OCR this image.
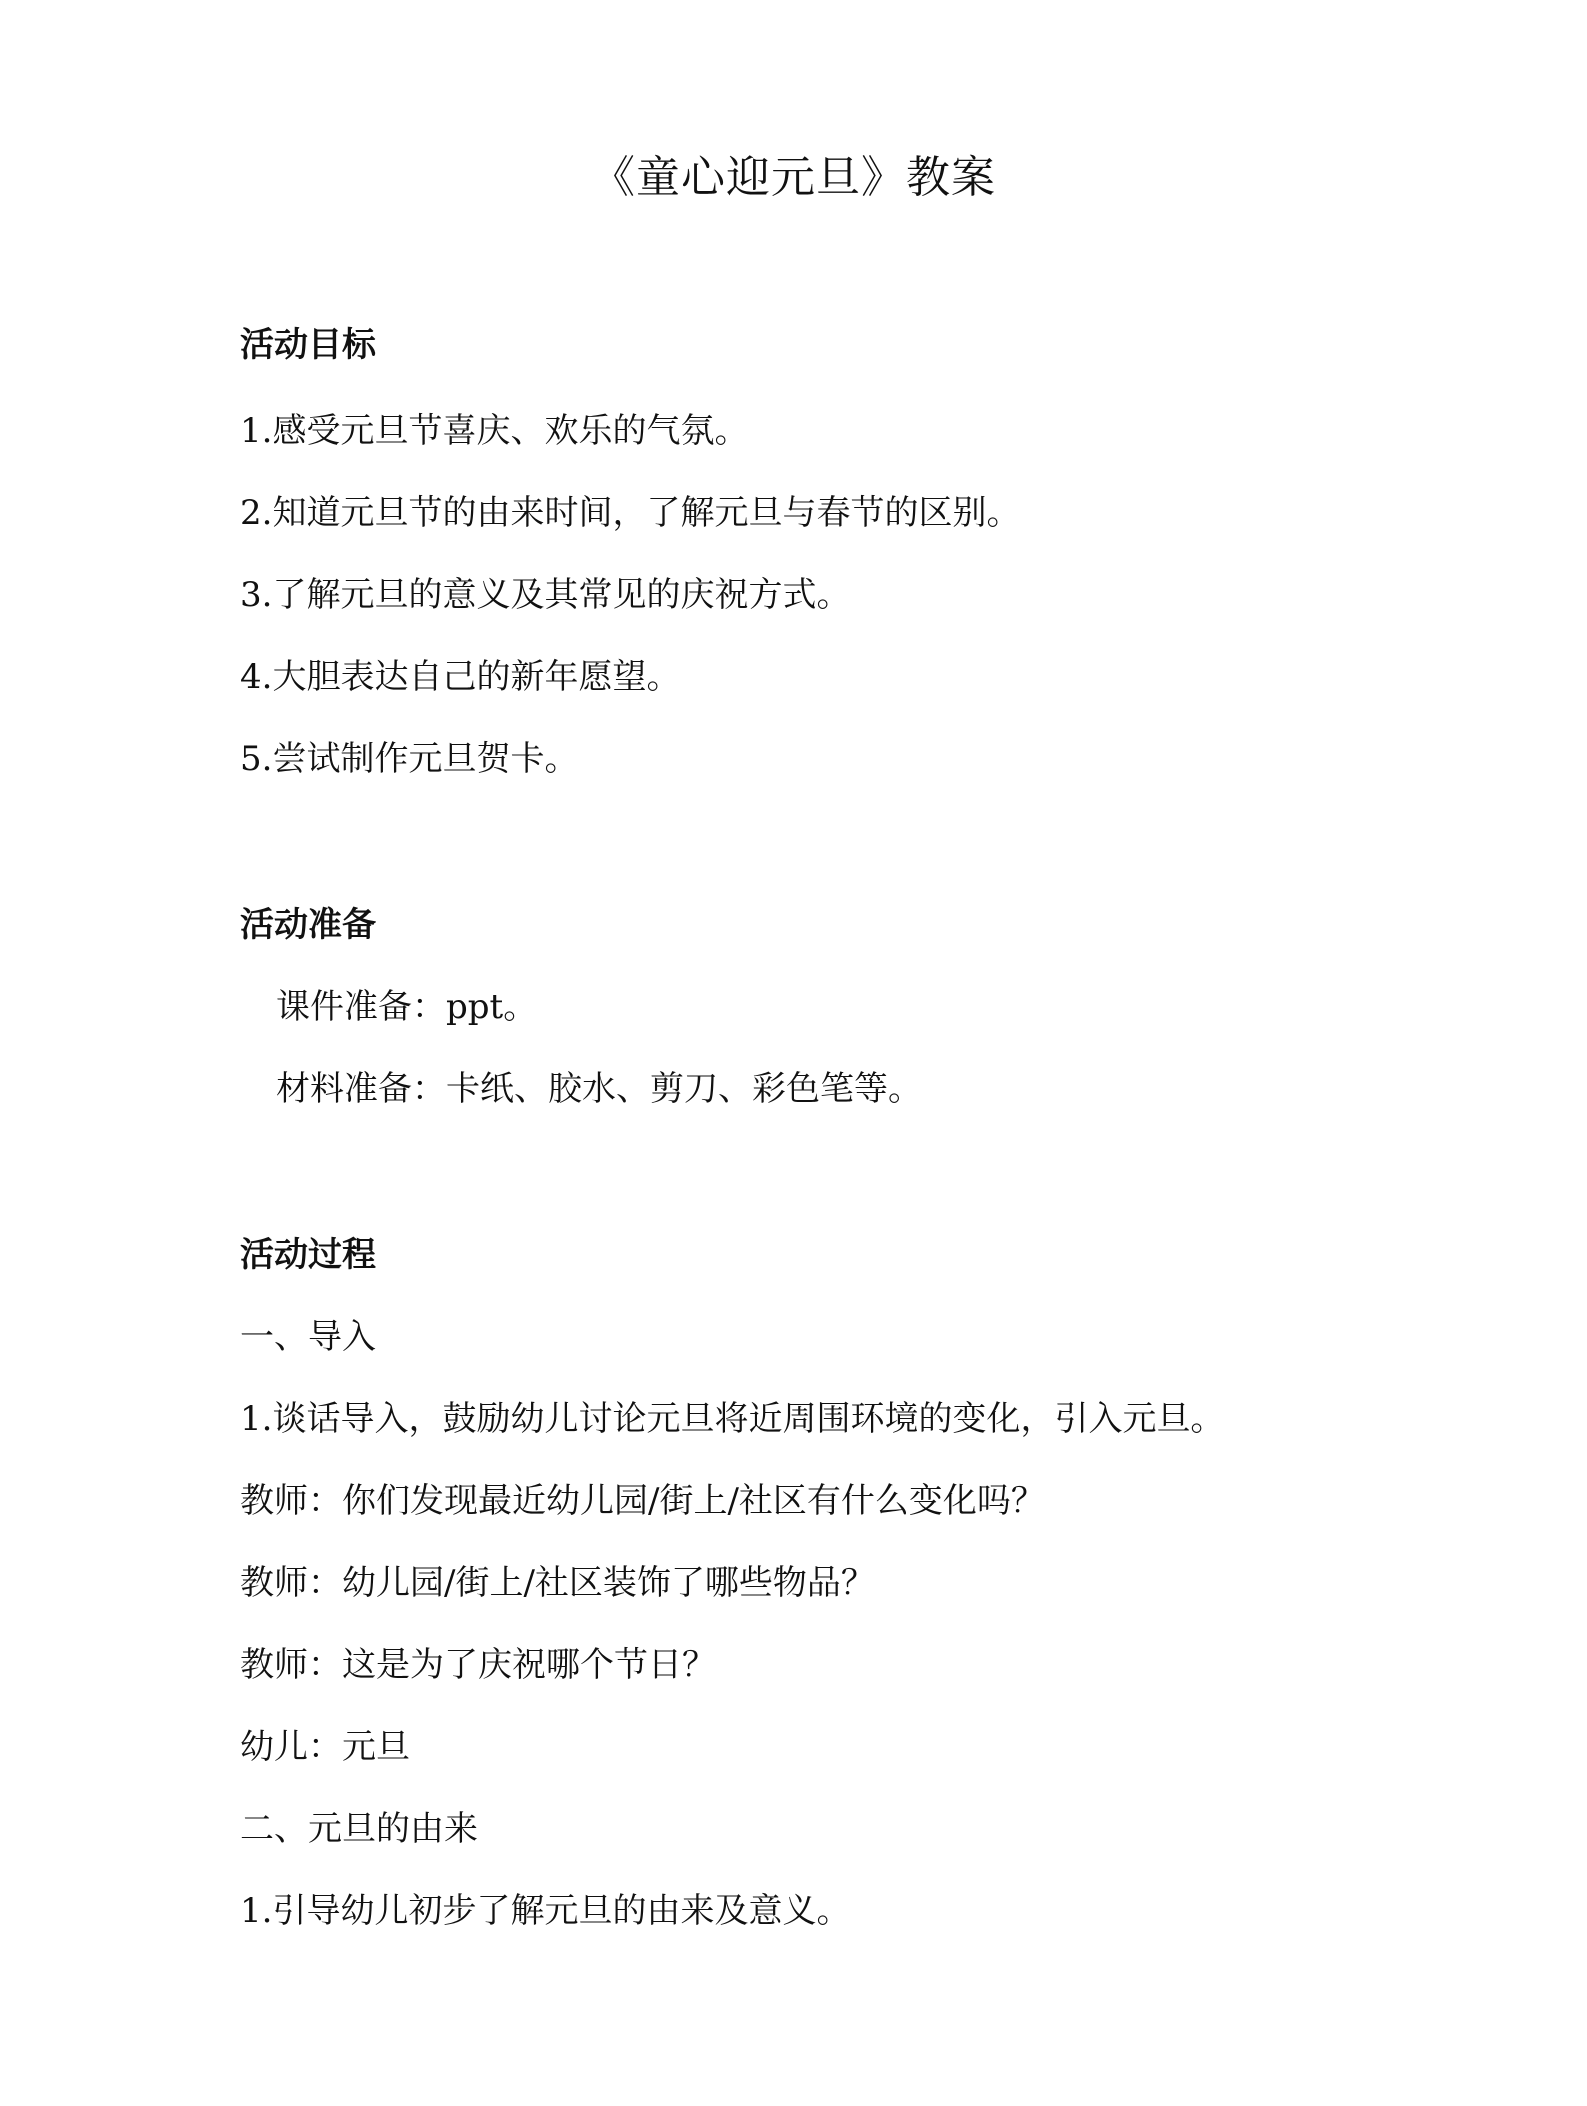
《童心迎元旦》教案
活动目标
1.感受元旦节喜庆、欢乐的气氛。
2.知道元旦节的由来时间，了解元旦与春节的区别。
3.了解元旦的意义及其常见的庆祝方式。
4.大胆表达自己的新年愿望。
5.尝试制作元旦贺卡。
活动准备
课件准备：ppt。
材料准备：卡纸、胶水、剪刀、彩色笔等。
活动过程
一、导入
1.谈话导入，鼓励幼儿讨论元旦将近周围环境的变化，引入元旦。
教师：你们发现最近幼儿园/街上/社区有什么变化吗？
教师：幼儿园/街上/社区装饰了哪些物品？
教师：这是为了庆祝哪个节日？
幼儿：元旦
二、元旦的由来
1.引导幼儿初步了解元旦的由来及意义。
